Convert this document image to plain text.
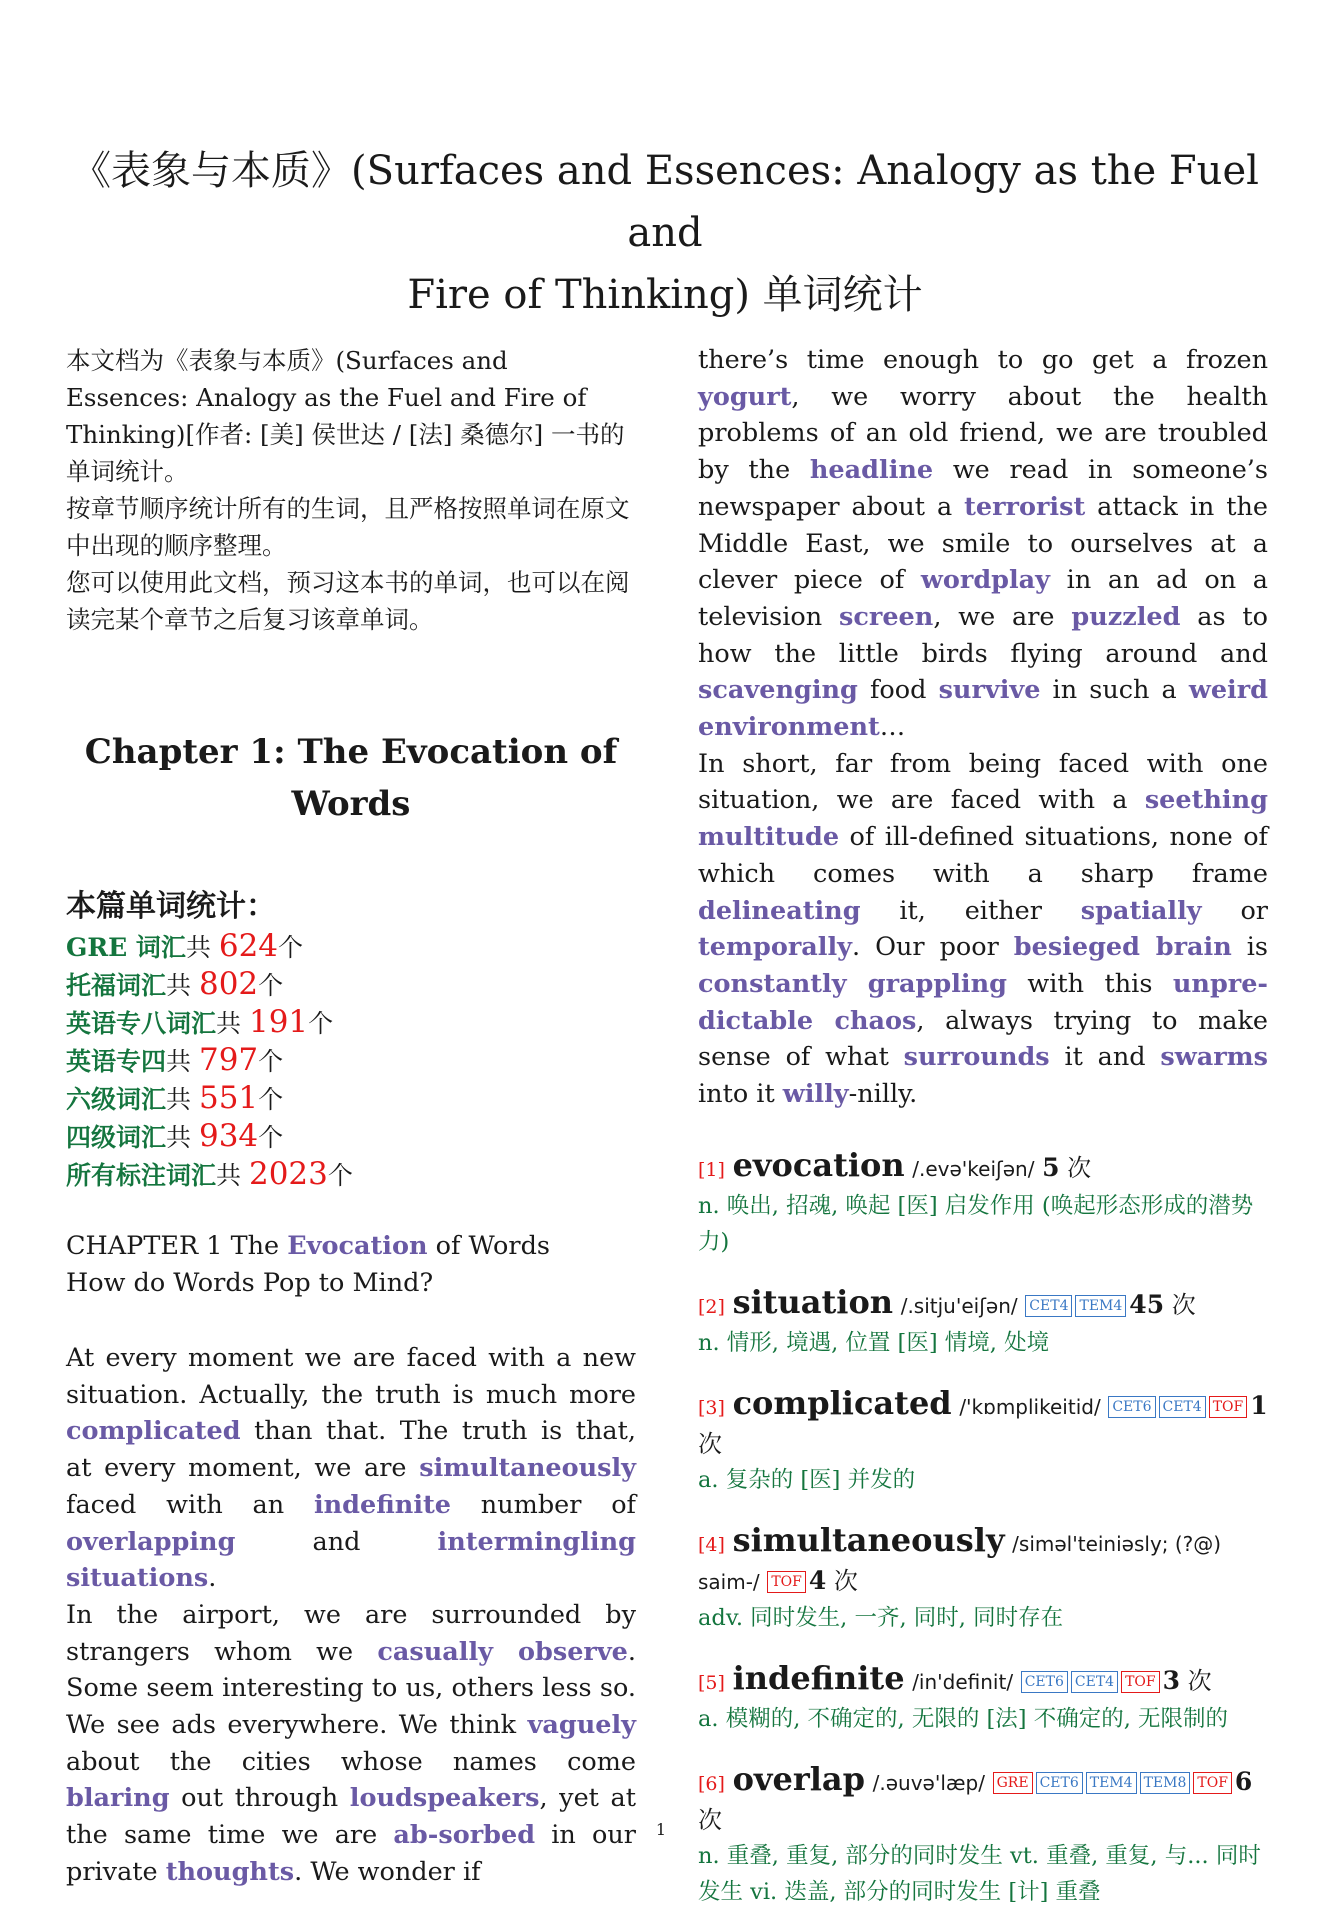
《表象与本质》(Surfaces and Essences: Analogy as the Fuel and
Fire of Thinking) 单词统计
本文档为《表象与本质》(Surfaces and Essences: Analogy as the Fuel and Fire of Thinking)[作者: [美] 侯世达 / [法] 桑德尔] 一书的单词统计。
按章节顺序统计所有的生词，且严格按照单词在原文中出现的顺序整理。
您可以使用此文档，预习这本书的单词，也可以在阅读完某个章节之后复习该章单词。
Chapter 1: The Evocation of Words
本篇单词统计：
GRE 词汇共 624个
托福词汇共 802个
英语专八词汇共 191个
英语专四共 797个
六级词汇共 551个
四级词汇共 934个
所有标注词汇共 2023个
CHAPTER 1 The Evocation of Words
How do Words Pop to Mind?
At every moment we are faced with a new situation. Actually, the truth is much more complicated than that. The truth is that, at every moment, we are simultaneously faced with an indefinite number of overlapping and intermingling situations.
In the airport, we are surrounded by strangers whom we casually observe. Some seem interesting to us, others less so. We see ads everywhere. We think vaguely about the cities whose names come blaring out through loudspeakers, yet at the same time we are ab-sorbed in our private thoughts. We wonder if
there’s time enough to go get a frozen yogurt, we worry about the health problems of an old friend, we are troubled by the headline we read in someone’s newspaper about a terrorist attack in the Middle East, we smile to ourselves at a clever piece of wordplay in an ad on a television screen, we are puzzled as to how the little birds flying around and scavenging food survive in such a weird environment…
In short, far from being faced with one situation, we are faced with a seething multitude of ill-defined situations, none of which comes with a sharp frame delineating it, either spatially or temporally. Our poor besieged brain is constantly grappling with this unpre-dictable chaos, always trying to make sense of what surrounds it and swarms into it willy-nilly.
[1] evocation /.evə'keiʃən/ 5 次
n. 唤出, 招魂, 唤起 [医] 启发作用 (唤起形态形成的潜势力)
[2] situation /.sitju'eiʃən/ CET4 TEM4 45 次
n. 情形, 境遇, 位置 [医] 情境, 处境
[3] complicated /'kɒmplikeitid/ CET6 CET4 TOF 1 次
a. 复杂的 [医] 并发的
[4] simultaneously /siməl'teiniəsly; (?@) saim-/ TOF 4 次
adv. 同时发生, 一齐, 同时, 同时存在
[5] indefinite /in'definit/ CET6 CET4 TOF 3 次
a. 模糊的, 不确定的, 无限的 [法] 不确定的, 无限制的
[6] overlap /.əuvə'læp/ GRE CET6 TEM4 TEM8 TOF 6 次
n. 重叠, 重复, 部分的同时发生 vt. 重叠, 重复, 与... 同时发生 vi. 迭盖, 部分的同时发生 [计] 重叠
1
